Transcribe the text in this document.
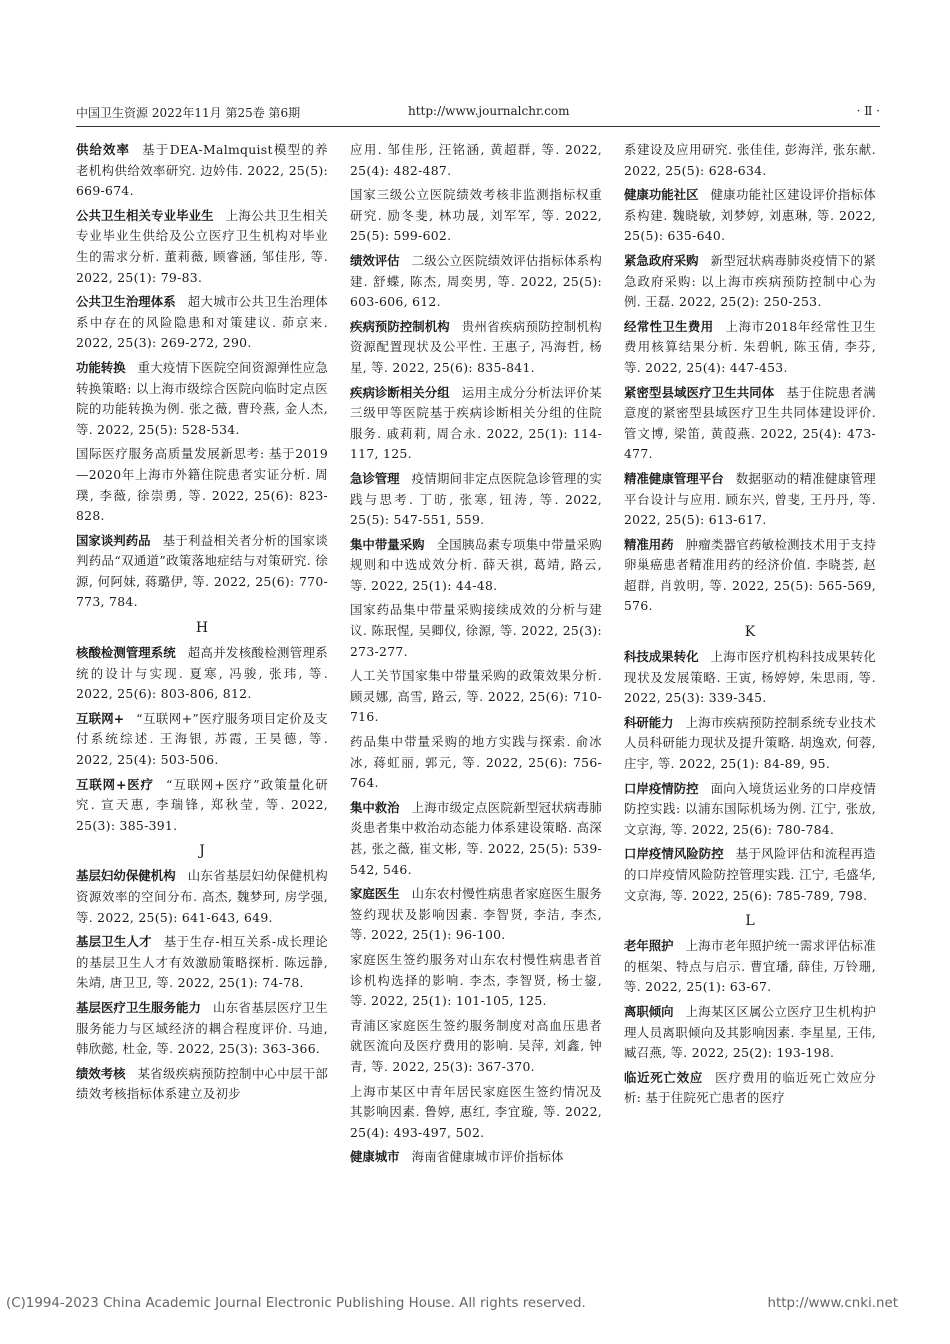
中国卫生资源 2022年11月 第25卷 第6期	http://www.journalchr.com	· Ⅱ ·
供给效率 基于DEA-Malmquist模型的养老机构供给效率研究. 边妗伟. 2022, 25(5): 669-674.
公共卫生相关专业毕业生 上海公共卫生相关专业毕业生供给及公立医疗卫生机构对毕业生的需求分析. 董莉薇, 顾睿涵, 邹佳彤, 等. 2022, 25(1): 79-83.
公共卫生治理体系 超大城市公共卫生治理体系中存在的风险隐患和对策建议. 茆京来. 2022, 25(3): 269-272, 290.
功能转换 重大疫情下医院空间资源弹性应急转换策略: 以上海市级综合医院向临时定点医院的功能转换为例. 张之薇, 曹玲燕, 金人杰, 等. 2022, 25(5): 528-534.
国际医疗服务高质量发展新思考: 基于2019—2020年上海市外籍住院患者实证分析. 周璞, 李薇, 徐崇勇, 等. 2022, 25(6): 823-828.
国家谈判药品 基于利益相关者分析的国家谈判药品“双通道”政策落地症结与对策研究. 徐源, 何阿妹, 蒋璐伊, 等. 2022, 25(6): 770-773, 784.
H
核酸检测管理系统 超高并发核酸检测管理系统的设计与实现. 夏寒, 冯骏, 张玮, 等. 2022, 25(6): 803-806, 812.
互联网+ “互联网+”医疗服务项目定价及支付系统综述. 王海银, 苏霞, 王昊德, 等. 2022, 25(4): 503-506.
互联网+医疗 “互联网+医疗”政策量化研究. 宣天惠, 李瑞锋, 郑秋莹, 等. 2022, 25(3): 385-391.
J
基层妇幼保健机构 山东省基层妇幼保健机构资源效率的空间分布. 高杰, 魏梦珂, 房学强, 等. 2022, 25(5): 641-643, 649.
基层卫生人才 基于生存-相互关系-成长理论的基层卫生人才有效激励策略探析. 陈远静, 朱靖, 唐卫卫, 等. 2022, 25(1): 74-78.
基层医疗卫生服务能力 山东省基层医疗卫生服务能力与区域经济的耦合程度评价. 马迪, 韩欣懿, 杜金, 等. 2022, 25(3): 363-366.
绩效考核 某省级疾病预防控制中心中层干部绩效考核指标体系建立及初步
应用. 邹佳彤, 汪铭涵, 黄超群, 等. 2022, 25(4): 482-487.
国家三级公立医院绩效考核非监测指标权重研究. 励冬斐, 林功晟, 刘军军, 等. 2022, 25(5): 599-602.
绩效评估 二级公立医院绩效评估指标体系构建. 舒蝶, 陈杰, 周奕男, 等. 2022, 25(5): 603-606, 612.
疾病预防控制机构 贵州省疾病预防控制机构资源配置现状及公平性. 王惠子, 冯海哲, 杨星, 等. 2022, 25(6): 835-841.
疾病诊断相关分组 运用主成分分析法评价某三级甲等医院基于疾病诊断相关分组的住院服务. 戚莉莉, 周合永. 2022, 25(1): 114-117, 125.
急诊管理 疫情期间非定点医院急诊管理的实践与思考. 丁昉, 张寒, 钮涛, 等. 2022, 25(5): 547-551, 559.
集中带量采购 全国胰岛素专项集中带量采购规则和中选成效分析. 薛天祺, 葛靖, 路云, 等. 2022, 25(1): 44-48.
国家药品集中带量采购接续成效的分析与建议. 陈珉惺, 吴卿仪, 徐源, 等. 2022, 25(3): 273-277.
人工关节国家集中带量采购的政策效果分析. 顾灵娜, 高雪, 路云, 等. 2022, 25(6): 710-716.
药品集中带量采购的地方实践与探索. 俞冰冰, 蒋虹丽, 郭元, 等. 2022, 25(6): 756-764.
集中救治 上海市级定点医院新型冠状病毒肺炎患者集中救治动态能力体系建设策略. 高深甚, 张之薇, 崔文彬, 等. 2022, 25(5): 539-542, 546.
家庭医生 山东农村慢性病患者家庭医生服务签约现状及影响因素. 李智贤, 李洁, 李杰, 等. 2022, 25(1): 96-100.
家庭医生签约服务对山东农村慢性病患者首诊机构选择的影响. 李杰, 李智贤, 杨士鋆, 等. 2022, 25(1): 101-105, 125.
青浦区家庭医生签约服务制度对高血压患者就医流向及医疗费用的影响. 吴萍, 刘鑫, 钟青, 等. 2022, 25(3): 367-370.
上海市某区中青年居民家庭医生签约情况及其影响因素. 鲁婷, 惠红, 李宜璇, 等. 2022, 25(4): 493-497, 502.
健康城市 海南省健康城市评价指标体
系建设及应用研究. 张佳佳, 彭海洋, 张东献. 2022, 25(5): 628-634.
健康功能社区 健康功能社区建设评价指标体系构建. 魏晓敏, 刘梦婷, 刘惠琳, 等. 2022, 25(5): 635-640.
紧急政府采购 新型冠状病毒肺炎疫情下的紧急政府采购: 以上海市疾病预防控制中心为例. 王磊. 2022, 25(2): 250-253.
经常性卫生费用 上海市2018年经常性卫生费用核算结果分析. 朱碧帆, 陈玉倩, 李芬, 等. 2022, 25(4): 447-453.
紧密型县域医疗卫生共同体 基于住院患者满意度的紧密型县域医疗卫生共同体建设评价. 管文博, 梁笛, 黄葭燕. 2022, 25(4): 473-477.
精准健康管理平台 数据驱动的精准健康管理平台设计与应用. 顾东兴, 曾斐, 王丹丹, 等. 2022, 25(5): 613-617.
精准用药 肿瘤类器官药敏检测技术用于支持卵巢癌患者精准用药的经济价值. 李晓荟, 赵超群, 肖敦明, 等. 2022, 25(5): 565-569, 576.
K
科技成果转化 上海市医疗机构科技成果转化现状及发展策略. 王寅, 杨婷婷, 朱思雨, 等. 2022, 25(3): 339-345.
科研能力 上海市疾病预防控制系统专业技术人员科研能力现状及提升策略. 胡逸欢, 何蓉, 庄宇, 等. 2022, 25(1): 84-89, 95.
口岸疫情防控 面向入境货运业务的口岸疫情防控实践: 以浦东国际机场为例. 江宁, 张放, 文京海, 等. 2022, 25(6): 780-784.
口岸疫情风险防控 基于风险评估和流程再造的口岸疫情风险防控管理实践. 江宁, 毛盛华, 文京海, 等. 2022, 25(6): 785-789, 798.
L
老年照护 上海市老年照护统一需求评估标准的框架、特点与启示. 曹宜璠, 薛佳, 万铃珊, 等. 2022, 25(1): 63-67.
离职倾向 上海某区区属公立医疗卫生机构护理人员离职倾向及其影响因素. 李星星, 王伟, 臧召燕, 等. 2022, 25(2): 193-198.
临近死亡效应 医疗费用的临近死亡效应分析: 基于住院死亡患者的医疗
(C)1994-2023 China Academic Journal Electronic Publishing House. All rights reserved.	http://www.cnki.net
